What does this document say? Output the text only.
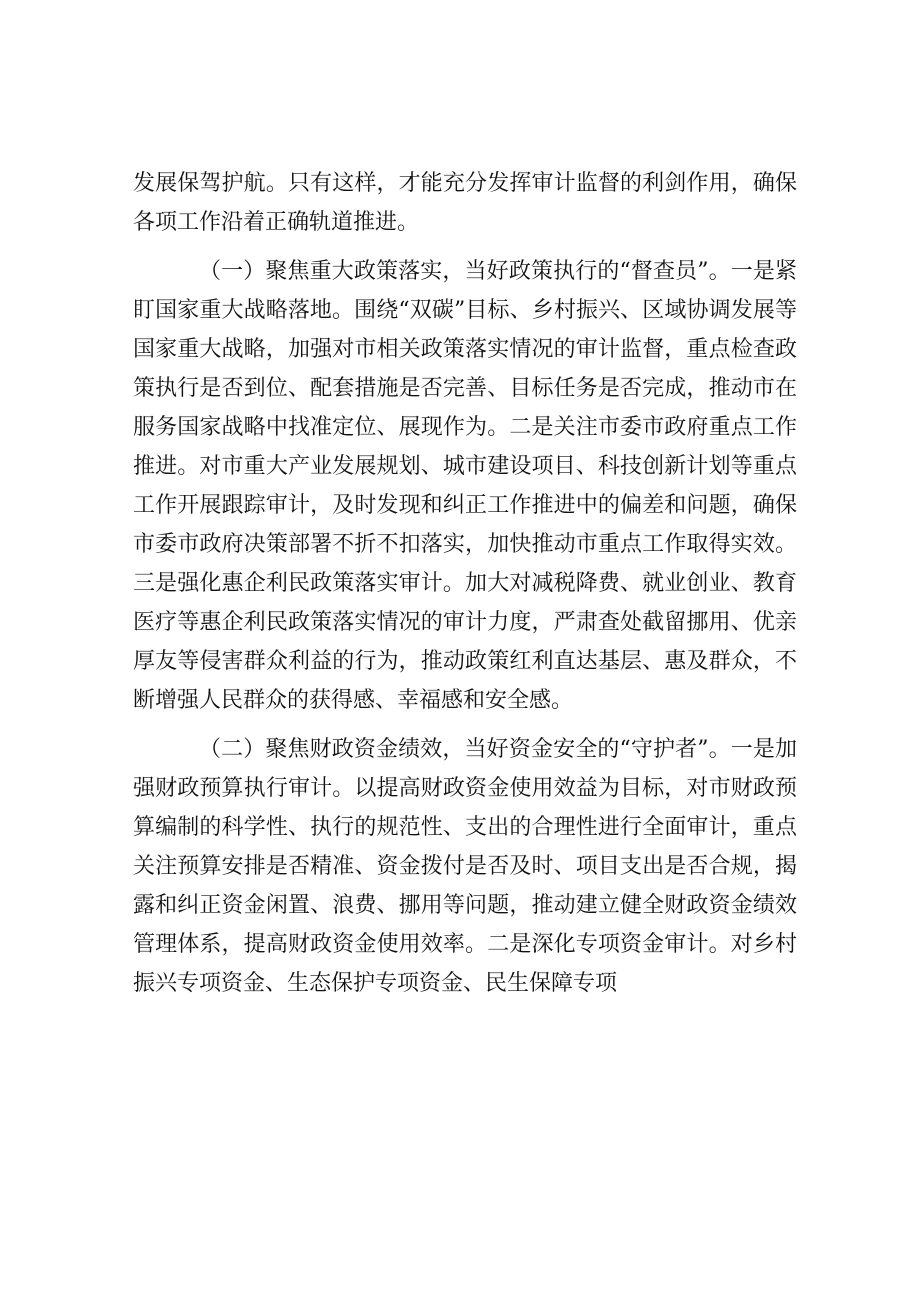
发展保驾护航。只有这样，才能充分发挥审计监督的利剑作用，确保各项工作沿着正确轨道推进。

（一）聚焦重大政策落实，当好政策执行的“督查员”。一是紧盯国家重大战略落地。围绕“双碳”目标、乡村振兴、区域协调发展等国家重大战略，加强对市相关政策落实情况的审计监督，重点检查政策执行是否到位、配套措施是否完善、目标任务是否完成，推动市在服务国家战略中找准定位、展现作为。二是关注市委市政府重点工作推进。对市重大产业发展规划、城市建设项目、科技创新计划等重点工作开展跟踪审计，及时发现和纠正工作推进中的偏差和问题，确保市委市政府决策部署不折不扣落实，加快推动市重点工作取得实效。三是强化惠企利民政策落实审计。加大对减税降费、就业创业、教育医疗等惠企利民政策落实情况的审计力度，严肃查处截留挪用、优亲厚友等侵害群众利益的行为，推动政策红利直达基层、惠及群众，不断增强人民群众的获得感、幸福感和安全感。

（二）聚焦财政资金绩效，当好资金安全的“守护者”。一是加强财政预算执行审计。以提高财政资金使用效益为目标，对市财政预算编制的科学性、执行的规范性、支出的合理性进行全面审计，重点关注预算安排是否精准、资金拨付是否及时、项目支出是否合规，揭露和纠正资金闲置、浪费、挪用等问题，推动建立健全财政资金绩效管理体系，提高财政资金使用效率。二是深化专项资金审计。对乡村振兴专项资金、生态保护专项资金、民生保障专项
